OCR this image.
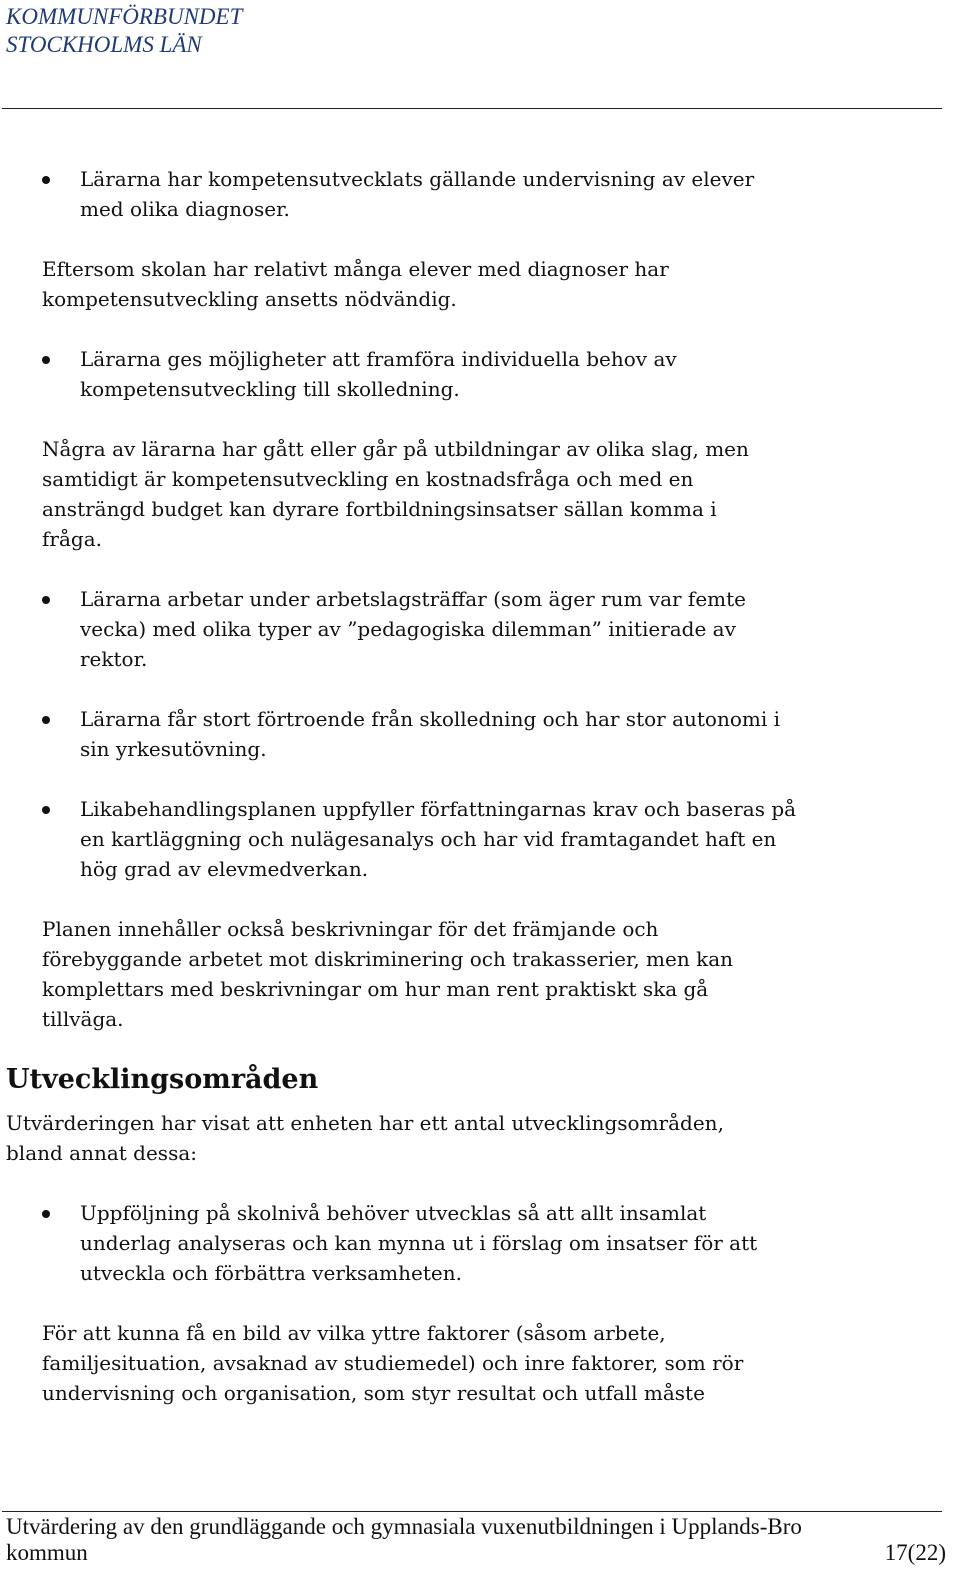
KOMMUNFÖRBUNDET
STOCKHOLMS LÄN
Lärarna har kompetensutvecklats gällande undervisning av elever med olika diagnoser.
Eftersom skolan har relativt många elever med diagnoser har kompetensutveckling ansetts nödvändig.
Lärarna ges möjligheter att framföra individuella behov av kompetensutveckling till skolledning.
Några av lärarna har gått eller går på utbildningar av olika slag, men samtidigt är kompetensutveckling en kostnadsfråga och med en ansträngd budget kan dyrare fortbildningsinsatser sällan komma i fråga.
Lärarna arbetar under arbetslagsträffar (som äger rum var femte vecka) med olika typer av ”pedagogiska dilemman” initierade av rektor.
Lärarna får stort förtroende från skolledning och har stor autonomi i sin yrkesutövning.
Likabehandlingsplanen uppfyller författningarnas krav och baseras på en kartläggning och nulägesanalys och har vid framtagandet haft en hög grad av elevmedverkan.
Planen innehåller också beskrivningar för det främjande och förebyggande arbetet mot diskriminering och trakasserier, men kan komplettars med beskrivningar om hur man rent praktiskt ska gå tillväga.
Utvecklingsområden
Utvärderingen har visat att enheten har ett antal utvecklingsområden, bland annat dessa:
Uppföljning på skolnivå behöver utvecklas så att allt insamlat underlag analyseras och kan mynna ut i förslag om insatser för att utveckla och förbättra verksamheten.
För att kunna få en bild av vilka yttre faktorer (såsom arbete, familjesituation, avsaknad av studiemedel) och inre faktorer, som rör undervisning och organisation, som styr resultat och utfall måste
Utvärdering av den grundläggande och gymnasiala vuxenutbildningen i Upplands-Bro
kommun	17(22)
